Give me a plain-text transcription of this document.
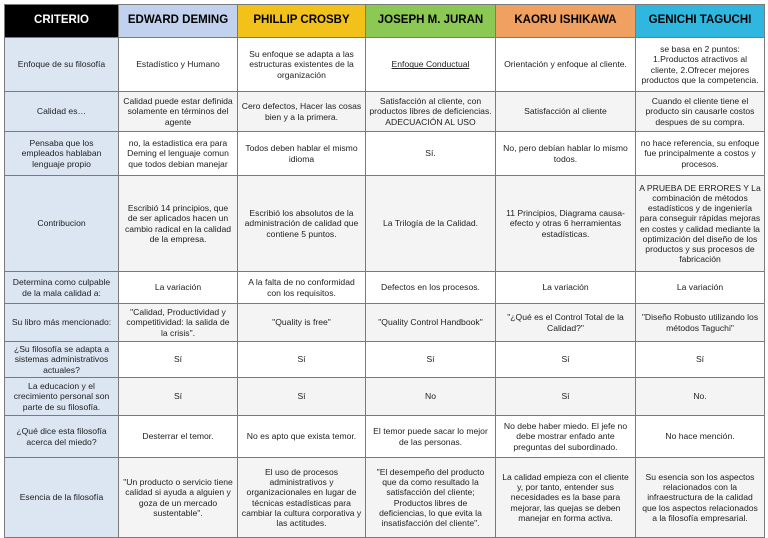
CRITERIO	EDWARD DEMING	PHILLIP CROSBY	JOSEPH M. JURAN	KAORU ISHIKAWA	GENICHI TAGUCHI
Enfoque de su filosofía	Estadístico y Humano	Su enfoque se adapta a las estructuras existentes de la organización	Enfoque Conductual	Orientación y enfoque al cliente.	se basa en 2 puntos: 1.Productos atractivos al cliente, 2.Ofrecer mejores productos que la competencia.
Calidad es…	Calidad puede estar definida solamente en términos del agente	Cero defectos, Hacer las cosas bien y a la primera.	Satisfacción al cliente, con productos libres de deficiencias. ADECUACIÓN AL USO	Satisfacción al cliente	Cuando el cliente tiene el producto sin causarle costos despues de su compra.
Pensaba que los empleados hablaban lenguaje propio	no, la estadistica era para Deming el lenguaje comun que todos debian manejar	Todos deben hablar el mismo idioma	Sí.	No, pero debían hablar lo mismo todos.	no hace referencia, su enfoque fue principalmente a costos y procesos.
Contribucion	Escribió 14 principios, que de ser aplicados hacen un cambio radical en la calidad de la empresa.	Escribió los absolutos de la administración de calidad que contiene 5 puntos.	La Trilogía de la Calidad.	11 Principios, Diagrama causa-efecto y otras 6 herramientas estadísticas.	A PRUEBA DE ERRORES Y La combinación de métodos estadísticos y de ingeniería para conseguir rápidas mejoras en costes y calidad mediante la optimización del diseño de los productos y sus procesos de fabricación
Determina como culpable de la mala calidad a:	La variación	A la falta de no conformidad con los requisitos.	Defectos en los procesos.	La variación	La variación
Su libro más mencionado:	"Calidad, Productividad y competitividad: la salida de la crisis".	"Quality is free"	"Quality Control Handbook"	"¿Qué es el Control Total de la Calidad?"	"Diseño Robusto utilizando los métodos Taguchi"
¿Su filosofía se adapta a sistemas administrativos actuales?	Sí	Sí	Sí	Sí	Sí
La educacion y el crecimiento personal son parte de su filosofía.	Sí	Sí	No	Sí	No.
¿Qué dice esta filosofía acerca del miedo?	Desterrar el temor.	No es apto que exista temor.	El temor puede sacar lo mejor de las personas.	No debe haber miedo. El jefe no debe mostrar enfado ante preguntas del subordinado.	No hace mención.
Esencia de la filosofía	"Un producto o servicio tiene calidad si ayuda a alguien y goza de un mercado sustentable".	El uso de procesos administrativos y organizacionales en lugar de técnicas estadísticas para cambiar la cultura corporativa y las actitudes.	"El desempeño del producto que da como resultado la satisfacción del cliente; Productos libres de deficiencias, lo que evita la insatisfacción del cliente".	La calidad empieza con el cliente y, por tanto, entender sus necesidades es la base para mejorar, las quejas se deben manejar en forma activa.	Su esencia son los aspectos relacionados con la infraestructura de la calidad que los aspectos relacionados a la filosofía empresarial.
